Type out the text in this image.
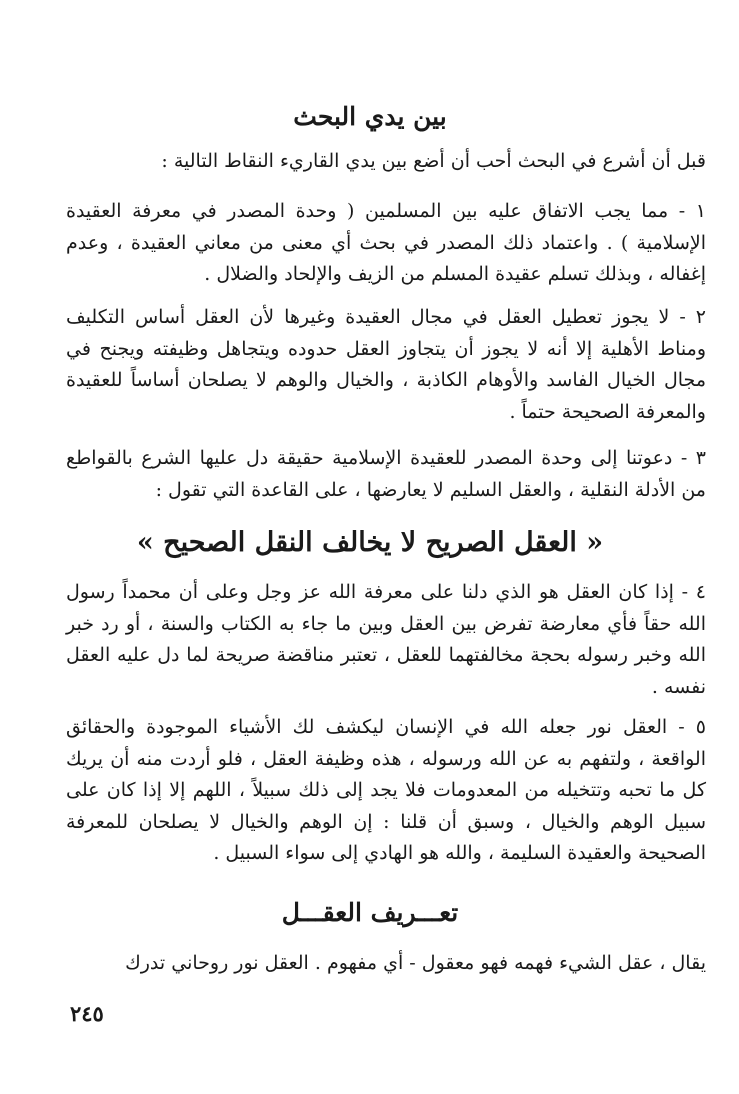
بين يدي البحث

قبل أن أشرع في البحث أحب أن أضع بين يدي القاريء النقاط التالية :

١ - مما يجب الاتفاق عليه بين المسلمين ( وحدة المصدر في معرفة العقيدة الإسلامية ) . واعتماد ذلك المصدر في بحث أي معنى من معاني العقيدة ، وعدم إغفاله ، وبذلك تسلم عقيدة المسلم من الزيف والإلحاد والضلال .

٢ - لا يجوز تعطيل العقل في مجال العقيدة وغيرها لأن العقل أساس التكليف ومناط الأهلية إلا أنه لا يجوز أن يتجاوز العقل حدوده ويتجاهل وظيفته ويجنح في مجال الخيال الفاسد والأوهام الكاذبة ، والخيال والوهم لا يصلحان أساساً للعقيدة والمعرفة الصحيحة حتماً .

٣ - دعوتنا إلى وحدة المصدر للعقيدة الإسلامية حقيقة دل عليها الشرع بالقواطع من الأدلة النقلية ، والعقل السليم لا يعارضها ، على القاعدة التي تقول :

« العقل الصريح لا يخالف النقل الصحيح »

٤ - إذا كان العقل هو الذي دلنا على معرفة الله عز وجل وعلى أن محمداً رسول الله حقاً فأي معارضة تفرض بين العقل وبين ما جاء به الكتاب والسنة ، أو رد خبر الله وخبر رسوله بحجة مخالفتهما للعقل ، تعتبر مناقضة صريحة لما دل عليه العقل نفسه .

٥ - العقل نور جعله الله في الإنسان ليكشف لك الأشياء الموجودة والحقائق الواقعة ، ولتفهم به عن الله ورسوله ، هذه وظيفة العقل ، فلو أردت منه أن يريك كل ما تحبه وتتخيله من المعدومات فلا يجد إلى ذلك سبيلاً ، اللهم إلا إذا كان على سبيل الوهم والخيال ، وسبق أن قلنا : إن الوهم والخيال لا يصلحان للمعرفة الصحيحة والعقيدة السليمة ، والله هو الهادي إلى سواء السبيل .

تعـــريف العقـــل

يقال ، عقل الشيء فهمه فهو معقول - أي مفهوم . العقل نور روحاني تدرك

٢٤٥
